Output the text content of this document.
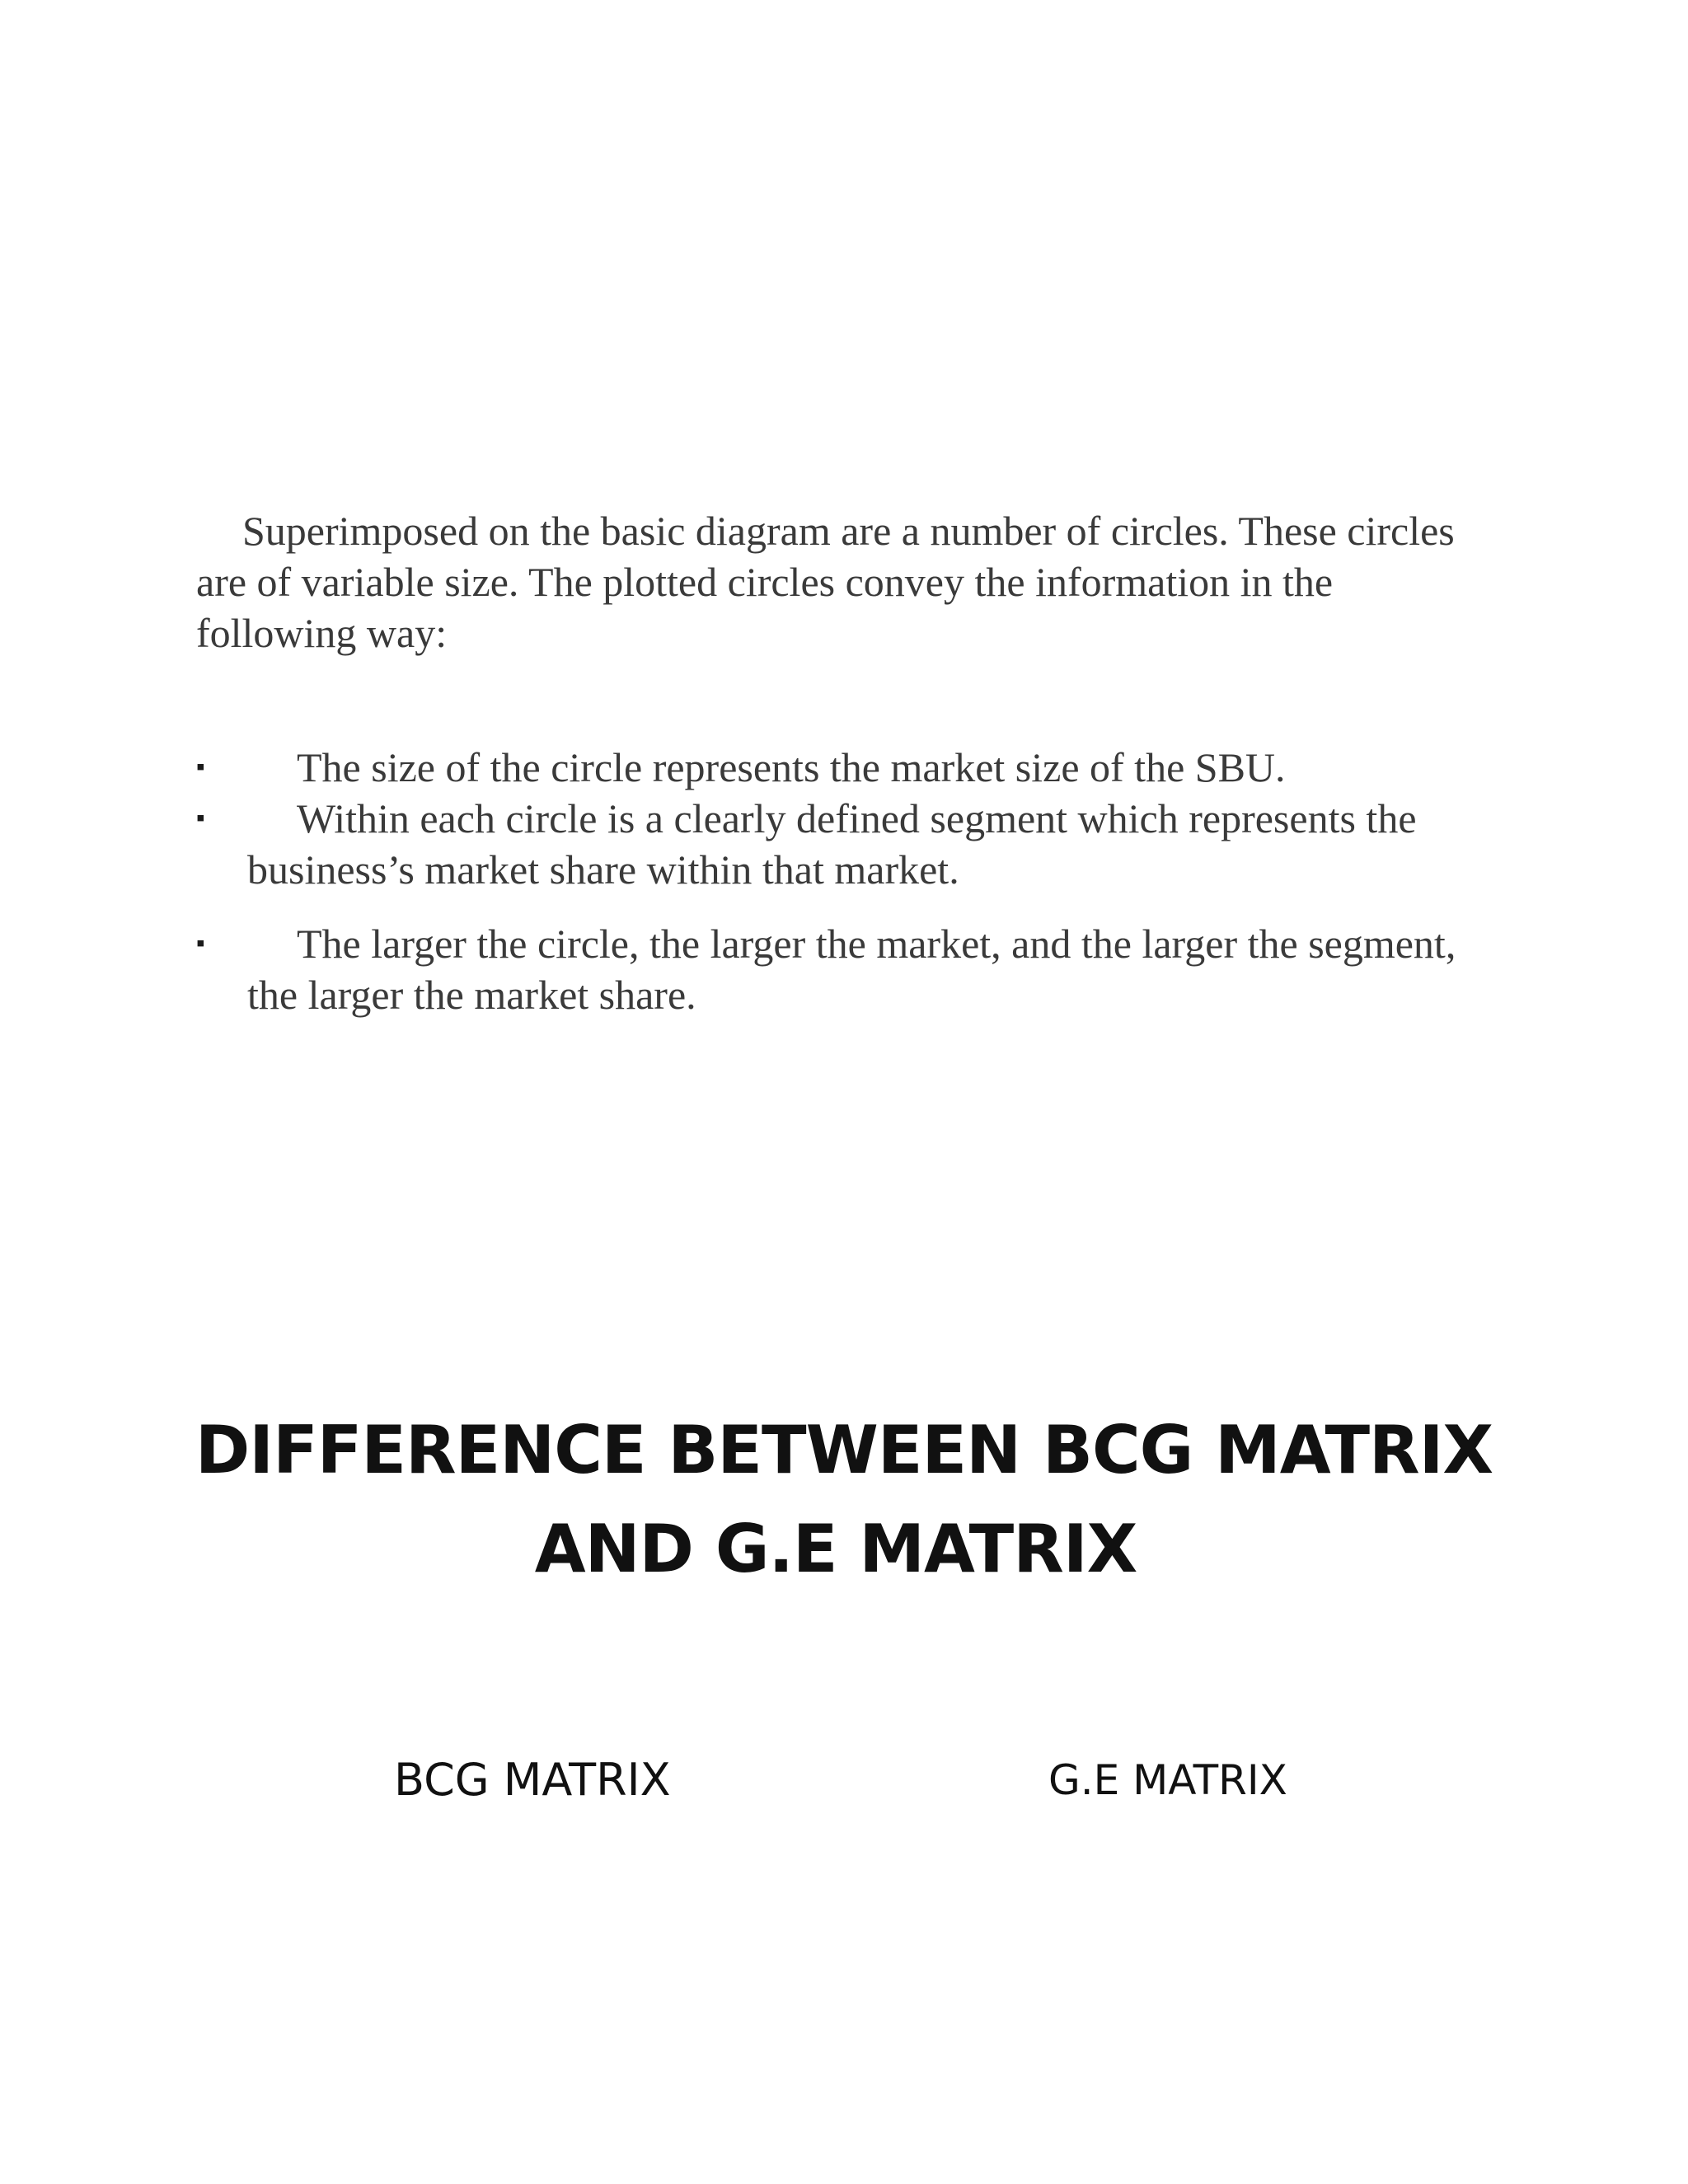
Superimposed on the basic diagram are a number of circles. These circles are of variable size. The plotted circles convey the information in the following way:

▪ The size of the circle represents the market size of the SBU.
▪ Within each circle is a clearly defined segment which represents the business’s market share within that market.
▪ The larger the circle, the larger the market, and the larger the segment, the larger the market share.
DIFFERENCE BETWEEN BCG MATRIX
AND G.E MATRIX

BCG MATRIX	G.E MATRIX
